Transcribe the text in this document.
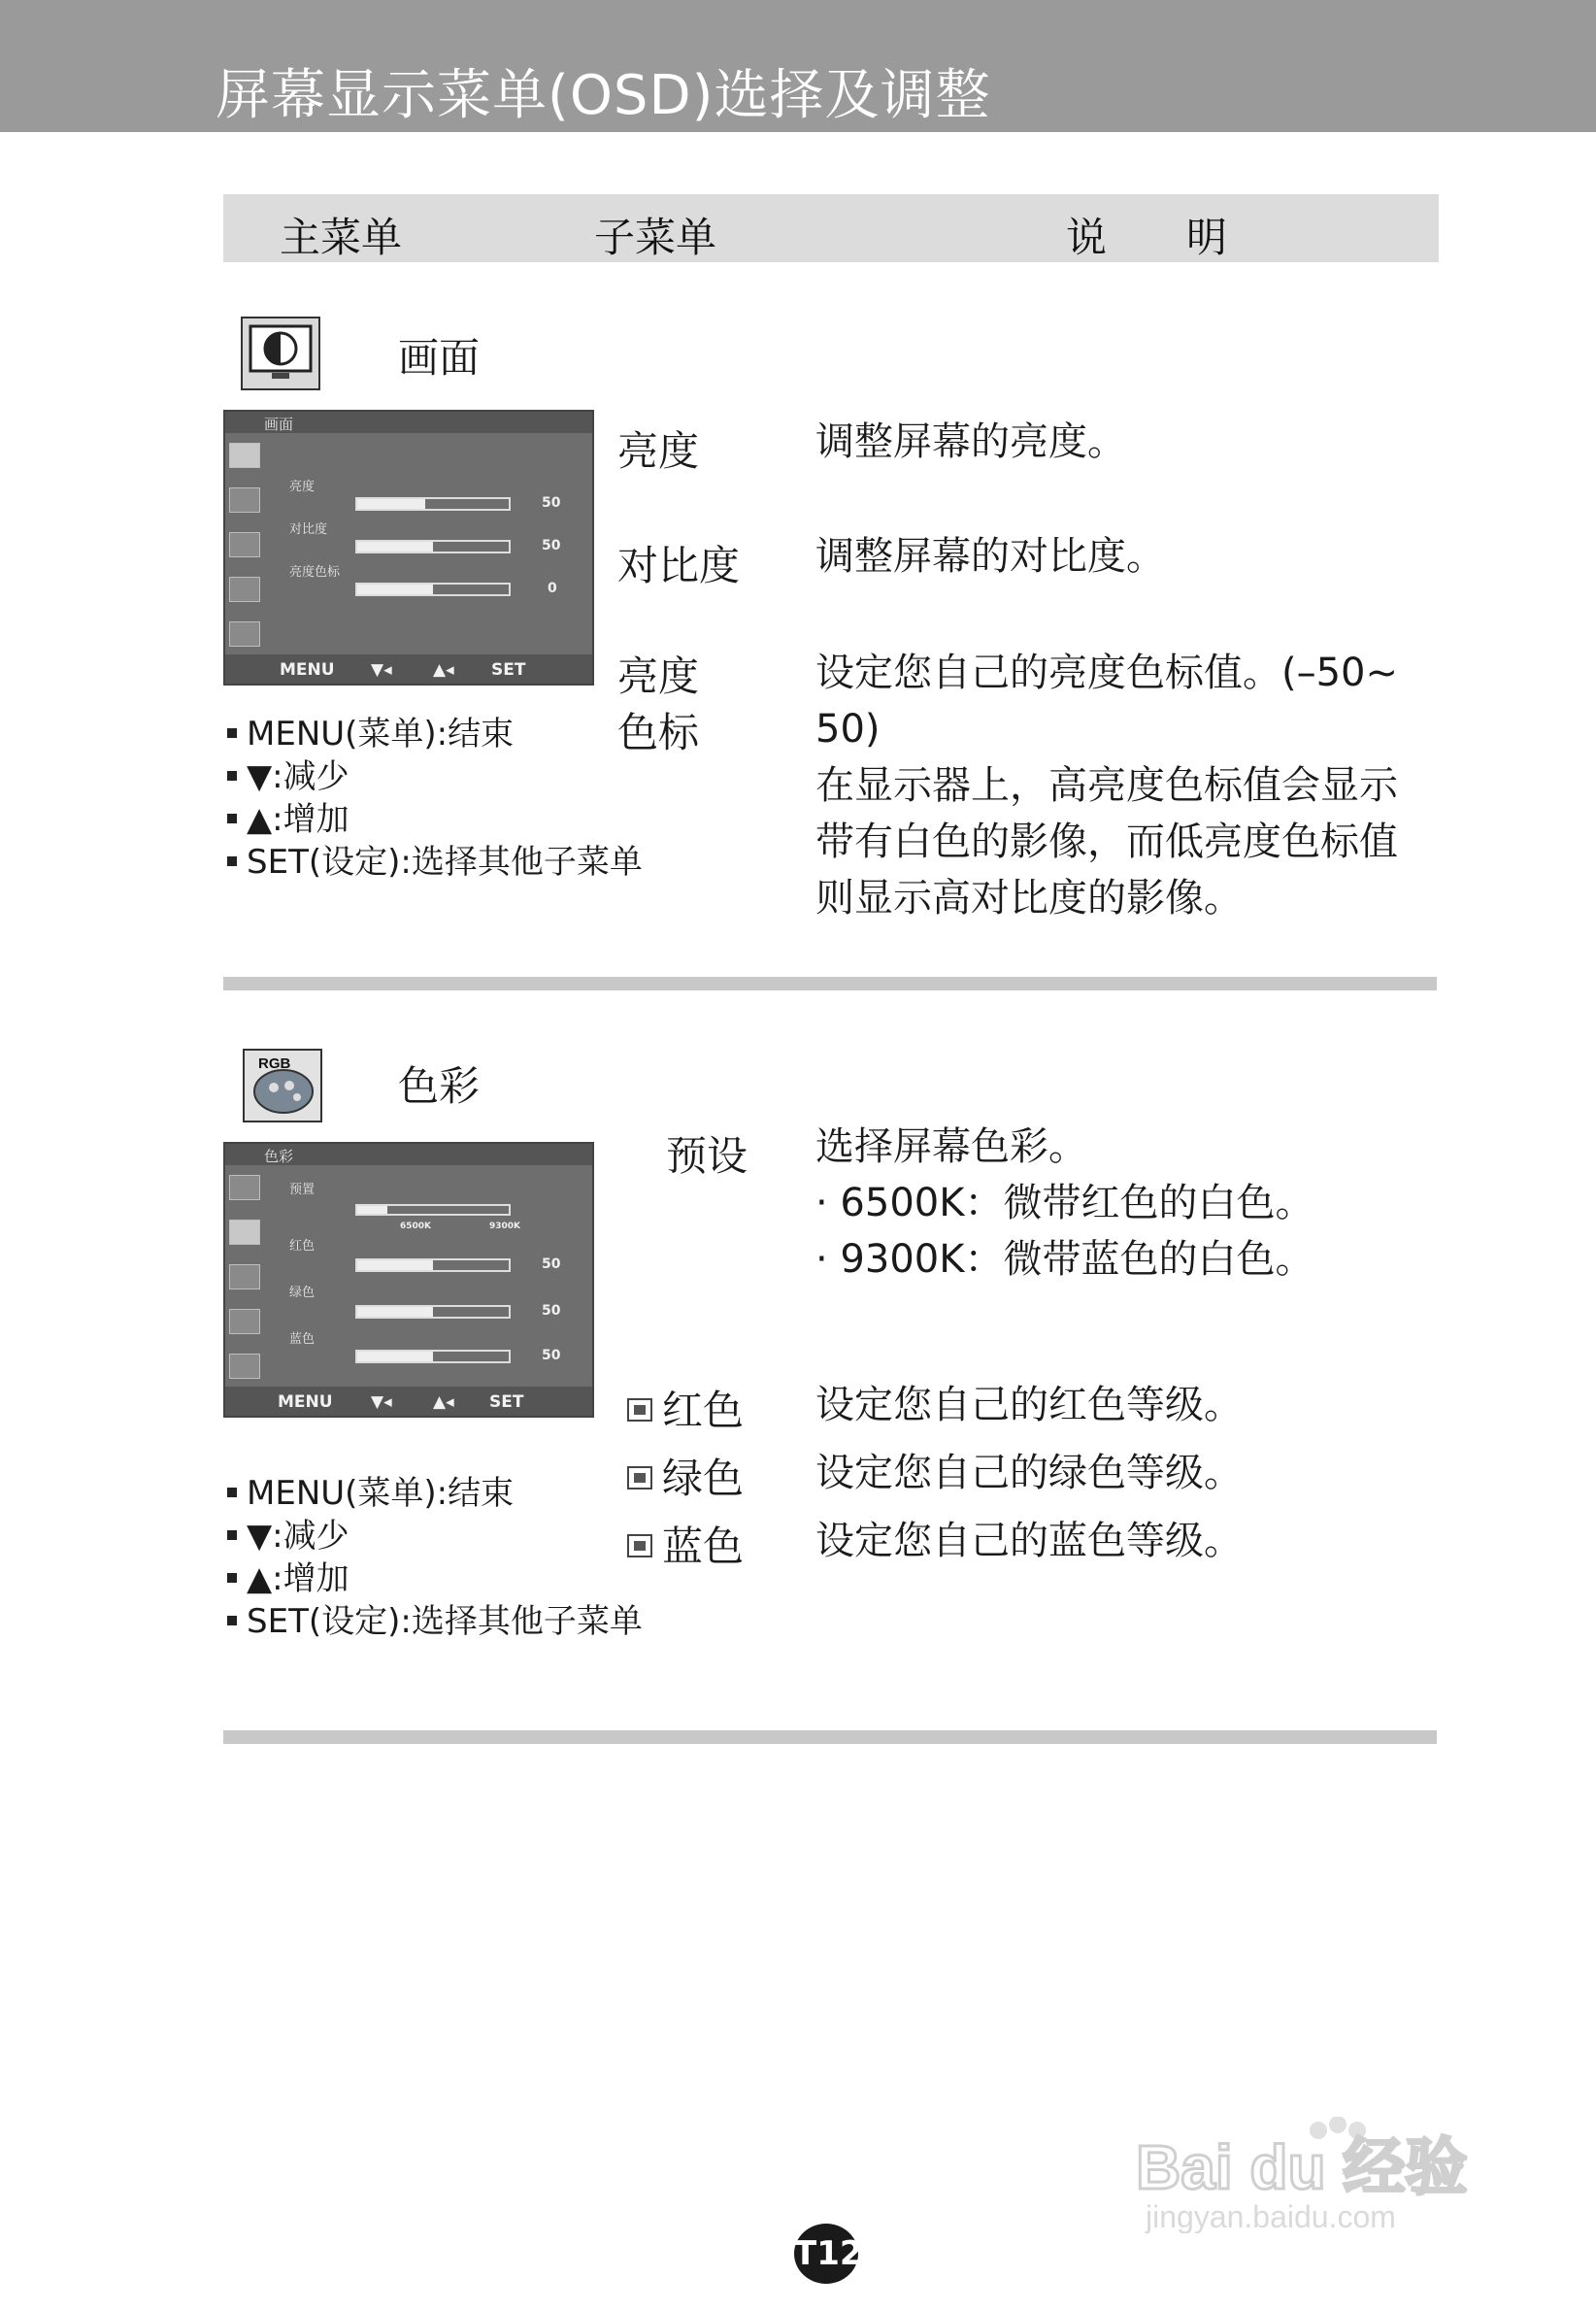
屏幕显示菜单(OSD)选择及调整
主菜单	子菜单	说 明
画面
画面
亮度
50
对比度
50
亮度色标
0
MENU ▼◂ ▲◂ SET
MENU(菜单):结束
▼:减少
▲:增加
SET(设定):选择其他子菜单
亮度	调整屏幕的亮度。
对比度 调整屏幕的对比度。
亮度
色标
设定您自己的亮度色标值。(–50~
50)
在显示器上，高亮度色标值会显示
带有白色的影像，而低亮度色标值
则显示高对比度的影像。
RGB	色彩
色彩
预置
6500K	9300K
红色
50
绿色
50
蓝色
50
MENU ▼◂ ▲◂ SET
MENU(菜单):结束
▼:减少
▲:增加
SET(设定):选择其他子菜单
预设 选择屏幕色彩。
· 6500K：微带红色的白色。
· 9300K：微带蓝色的白色。
红色 设定您自己的红色等级。
绿色 设定您自己的绿色等级。
蓝色 设定您自己的蓝色等级。
Bai du 经验
jingyan.baidu.com
T12
